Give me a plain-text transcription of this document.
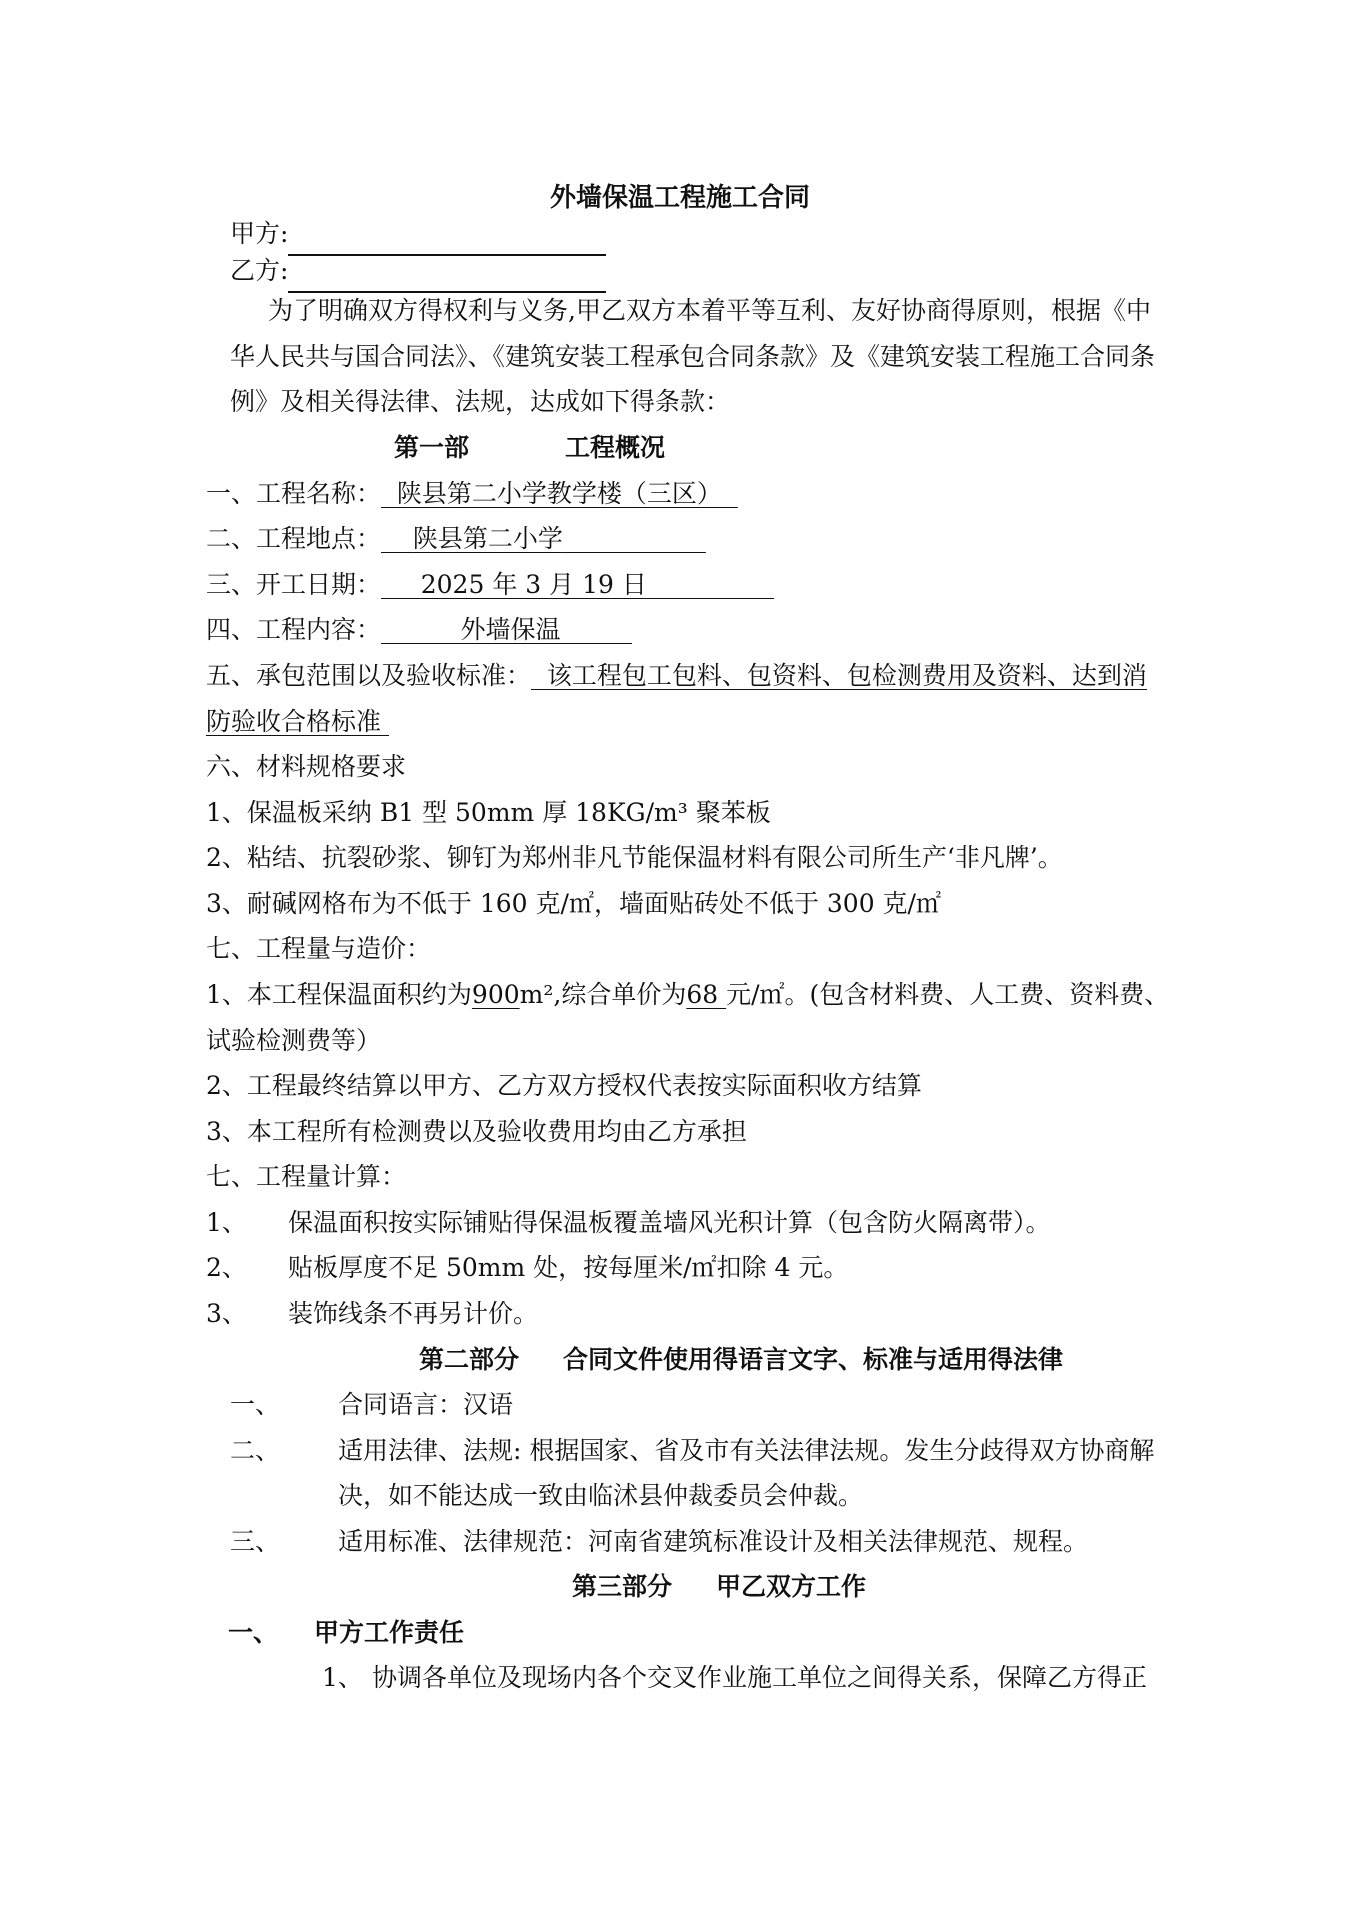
外墙保温工程施工合同
甲方:
乙方:
为了明确双方得权利与义务,甲乙双方本着平等互利、友好协商得原则，根据《中
华人民共与国合同法》、《建筑安装工程承包合同条款》及《建筑安装工程施工合同条
例》及相关得法律、法规，达成如下得条款：
第一部	工程概况
一、工程名称： 陕县第二小学教学楼（三区）
二、工程地点： 陕县第二小学
三、开工日期： 2025 年 3 月 19 日
四、工程内容：	外墙保温
五、承包范围以及验收标准： 该工程包工包料、包资料、包检测费用及资料、达到消
防验收合格标准
六、材料规格要求
1、保温板采纳 B1 型 50mm 厚 18KG/m³ 聚苯板
2、粘结、抗裂砂浆、铆钉为郑州非凡节能保温材料有限公司所生产‘非凡牌’。
3、耐碱网格布为不低于 160 克/㎡，墙面贴砖处不低于 300 克/㎡
七、工程量与造价：
1、本工程保温面积约为900m²,综合单价为68 元/㎡。(包含材料费、人工费、资料费、
试验检测费等）
2、工程最终结算以甲方、乙方双方授权代表按实际面积收方结算
3、本工程所有检测费以及验收费用均由乙方承担
七、工程量计算：
1、 保温面积按实际铺贴得保温板覆盖墙风光积计算（包含防火隔离带）。
2、 贴板厚度不足 50mm 处，按每厘米/㎡扣除 4 元。
3、 装饰线条不再另计价。
第二部分 合同文件使用得语言文字、标准与适用得法律
一、 合同语言：汉语
二、 适用法律、法规: 根据国家、省及市有关法律法规。发生分歧得双方协商解
决，如不能达成一致由临沭县仲裁委员会仲裁。
三、 适用标准、法律规范：河南省建筑标准设计及相关法律规范、规程。
第三部分 甲乙双方工作
一、 甲方工作责任
1、 协调各单位及现场内各个交叉作业施工单位之间得关系，保障乙方得正
